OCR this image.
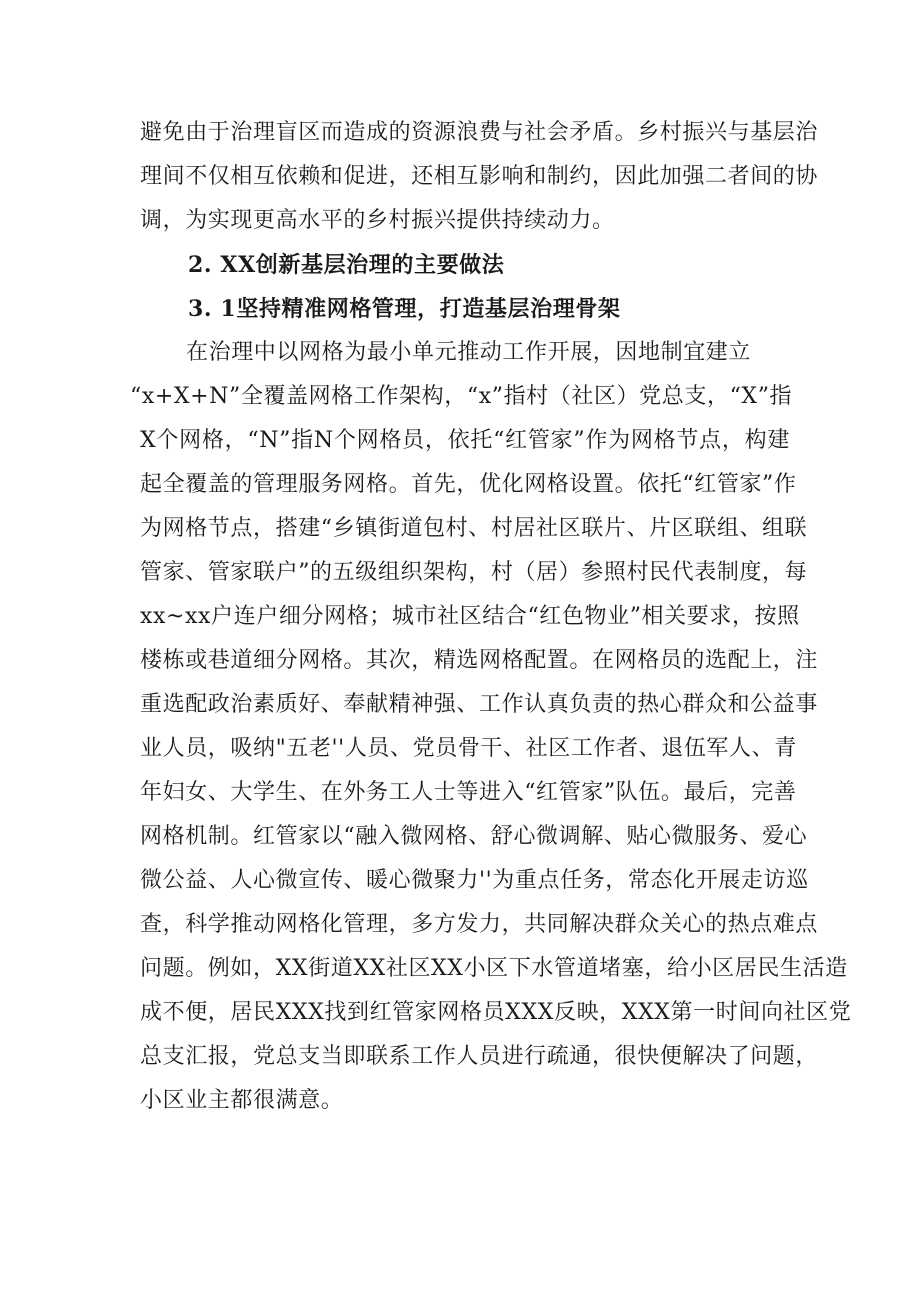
避免由于治理盲区而造成的资源浪费与社会矛盾。乡村振兴与基层治
理间不仅相互依赖和促进，还相互影响和制约，因此加强二者间的协
调，为实现更高水平的乡村振兴提供持续动力。
2. XX创新基层治理的主要做法
3. 1坚持精准网格管理，打造基层治理骨架
在治理中以网格为最小单元推动工作开展，因地制宜建立
“x+X+N”全覆盖网格工作架构，“x”指村（社区）党总支，“X”指
X个网格，“N”指N个网格员，依托“红管家”作为网格节点，构建
起全覆盖的管理服务网格。首先，优化网格设置。依托“红管家”作
为网格节点，搭建“乡镇街道包村、村居社区联片、片区联组、组联
管家、管家联户”的五级组织架构，村（居）参照村民代表制度，每
xx~xx户连户细分网格；城市社区结合“红色物业”相关要求，按照
楼栋或巷道细分网格。其次，精选网格配置。在网格员的选配上，注
重选配政治素质好、奉献精神强、工作认真负责的热心群众和公益事
业人员，吸纳"五老''人员、党员骨干、社区工作者、退伍军人、青
年妇女、大学生、在外务工人士等进入“红管家”队伍。最后，完善
网格机制。红管家以“融入微网格、舒心微调解、贴心微服务、爱心
微公益、人心微宣传、暖心微聚力''为重点任务，常态化开展走访巡
查，科学推动网格化管理，多方发力，共同解决群众关心的热点难点
问题。例如，XX街道XX社区XX小区下水管道堵塞，给小区居民生活造
成不便，居民XXX找到红管家网格员XXX反映，XXX第一时间向社区党
总支汇报，党总支当即联系工作人员进行疏通，很快便解决了问题，
小区业主都很满意。
